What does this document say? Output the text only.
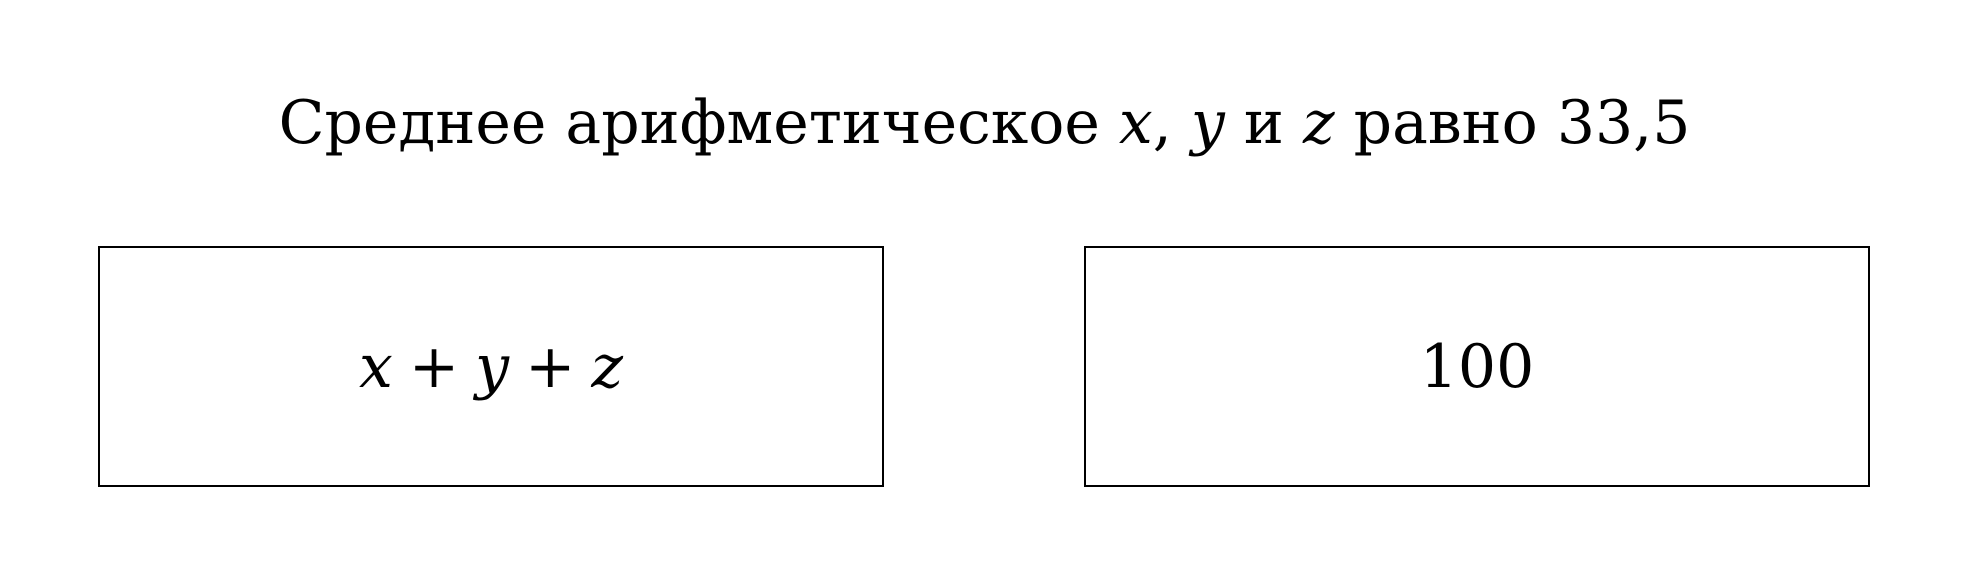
Среднее арифметическое x, y и z равно 33,5
x + y + z	100
